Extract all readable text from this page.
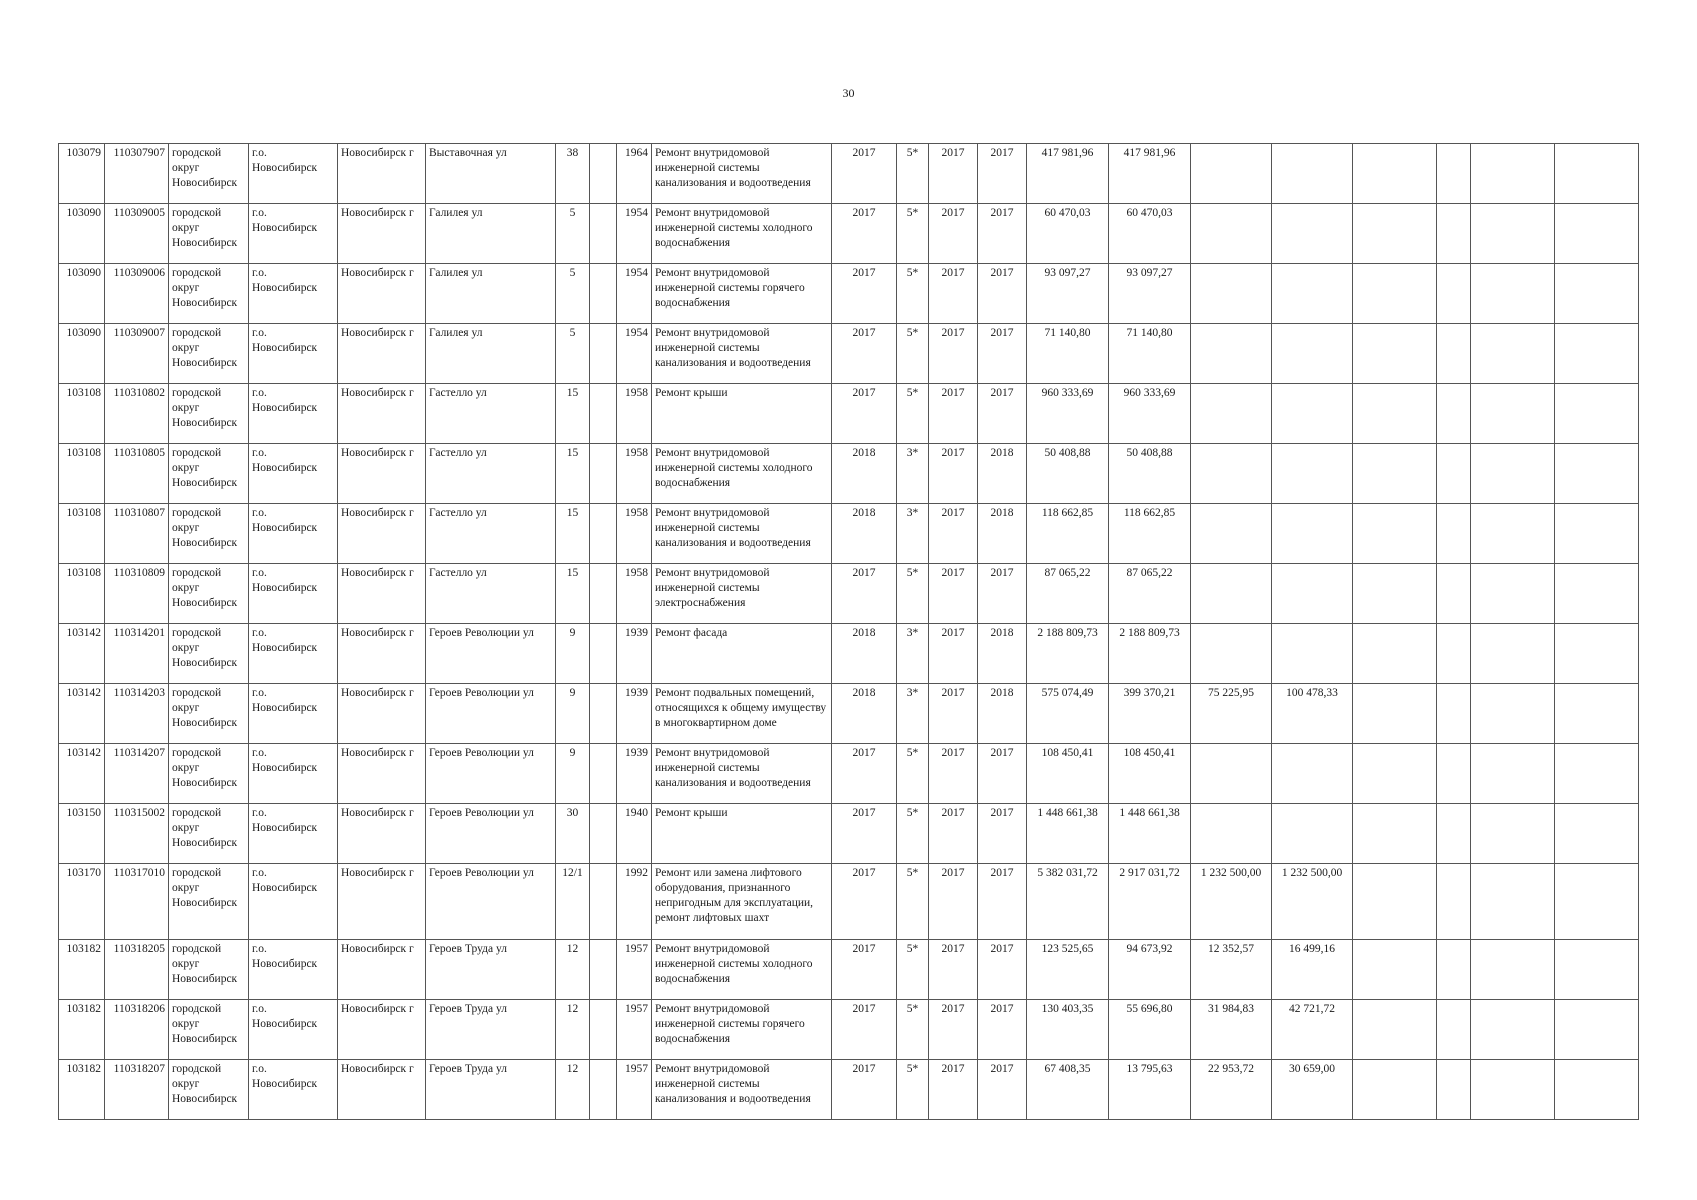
30
103079	110307907	городской округ Новосибирск	г.о. Новосибирск	Новосибирск г	Выставочная ул	38		1964	Ремонт внутридомовой инженерной системы канализования и водоотведения	2017	5*	2017	2017	417 981,96	417 981,96						
103090	110309005	городской округ Новосибирск	г.о. Новосибирск	Новосибирск г	Галилея ул	5		1954	Ремонт внутридомовой инженерной системы холодного водоснабжения	2017	5*	2017	2017	60 470,03	60 470,03						
103090	110309006	городской округ Новосибирск	г.о. Новосибирск	Новосибирск г	Галилея ул	5		1954	Ремонт внутридомовой инженерной системы горячего водоснабжения	2017	5*	2017	2017	93 097,27	93 097,27						
103090	110309007	городской округ Новосибирск	г.о. Новосибирск	Новосибирск г	Галилея ул	5		1954	Ремонт внутридомовой инженерной системы канализования и водоотведения	2017	5*	2017	2017	71 140,80	71 140,80						
103108	110310802	городской округ Новосибирск	г.о. Новосибирск	Новосибирск г	Гастелло ул	15		1958	Ремонт крыши	2017	5*	2017	2017	960 333,69	960 333,69						
103108	110310805	городской округ Новосибирск	г.о. Новосибирск	Новосибирск г	Гастелло ул	15		1958	Ремонт внутридомовой инженерной системы холодного водоснабжения	2018	3*	2017	2018	50 408,88	50 408,88						
103108	110310807	городской округ Новосибирск	г.о. Новосибирск	Новосибирск г	Гастелло ул	15		1958	Ремонт внутридомовой инженерной системы канализования и водоотведения	2018	3*	2017	2018	118 662,85	118 662,85						
103108	110310809	городской округ Новосибирск	г.о. Новосибирск	Новосибирск г	Гастелло ул	15		1958	Ремонт внутридомовой инженерной системы электроснабжения	2017	5*	2017	2017	87 065,22	87 065,22						
103142	110314201	городской округ Новосибирск	г.о. Новосибирск	Новосибирск г	Героев Революции ул	9		1939	Ремонт фасада	2018	3*	2017	2018	2 188 809,73	2 188 809,73						
103142	110314203	городской округ Новосибирск	г.о. Новосибирск	Новосибирск г	Героев Революции ул	9		1939	Ремонт подвальных помещений, относящихся к общему имуществу в многоквартирном доме	2018	3*	2017	2018	575 074,49	399 370,21	75 225,95	100 478,33				
103142	110314207	городской округ Новосибирск	г.о. Новосибирск	Новосибирск г	Героев Революции ул	9		1939	Ремонт внутридомовой инженерной системы канализования и водоотведения	2017	5*	2017	2017	108 450,41	108 450,41						
103150	110315002	городской округ Новосибирск	г.о. Новосибирск	Новосибирск г	Героев Революции ул	30		1940	Ремонт крыши	2017	5*	2017	2017	1 448 661,38	1 448 661,38						
103170	110317010	городской округ Новосибирск	г.о. Новосибирск	Новосибирск г	Героев Революции ул	12/1		1992	Ремонт или замена лифтового оборудования, признанного непригодным для эксплуатации, ремонт лифтовых шахт	2017	5*	2017	2017	5 382 031,72	2 917 031,72	1 232 500,00	1 232 500,00				
103182	110318205	городской округ Новосибирск	г.о. Новосибирск	Новосибирск г	Героев Труда ул	12		1957	Ремонт внутридомовой инженерной системы холодного водоснабжения	2017	5*	2017	2017	123 525,65	94 673,92	12 352,57	16 499,16				
103182	110318206	городской округ Новосибирск	г.о. Новосибирск	Новосибирск г	Героев Труда ул	12		1957	Ремонт внутридомовой инженерной системы горячего водоснабжения	2017	5*	2017	2017	130 403,35	55 696,80	31 984,83	42 721,72				
103182	110318207	городской округ Новосибирск	г.о. Новосибирск	Новосибирск г	Героев Труда ул	12		1957	Ремонт внутридомовой инженерной системы канализования и водоотведения	2017	5*	2017	2017	67 408,35	13 795,63	22 953,72	30 659,00				
